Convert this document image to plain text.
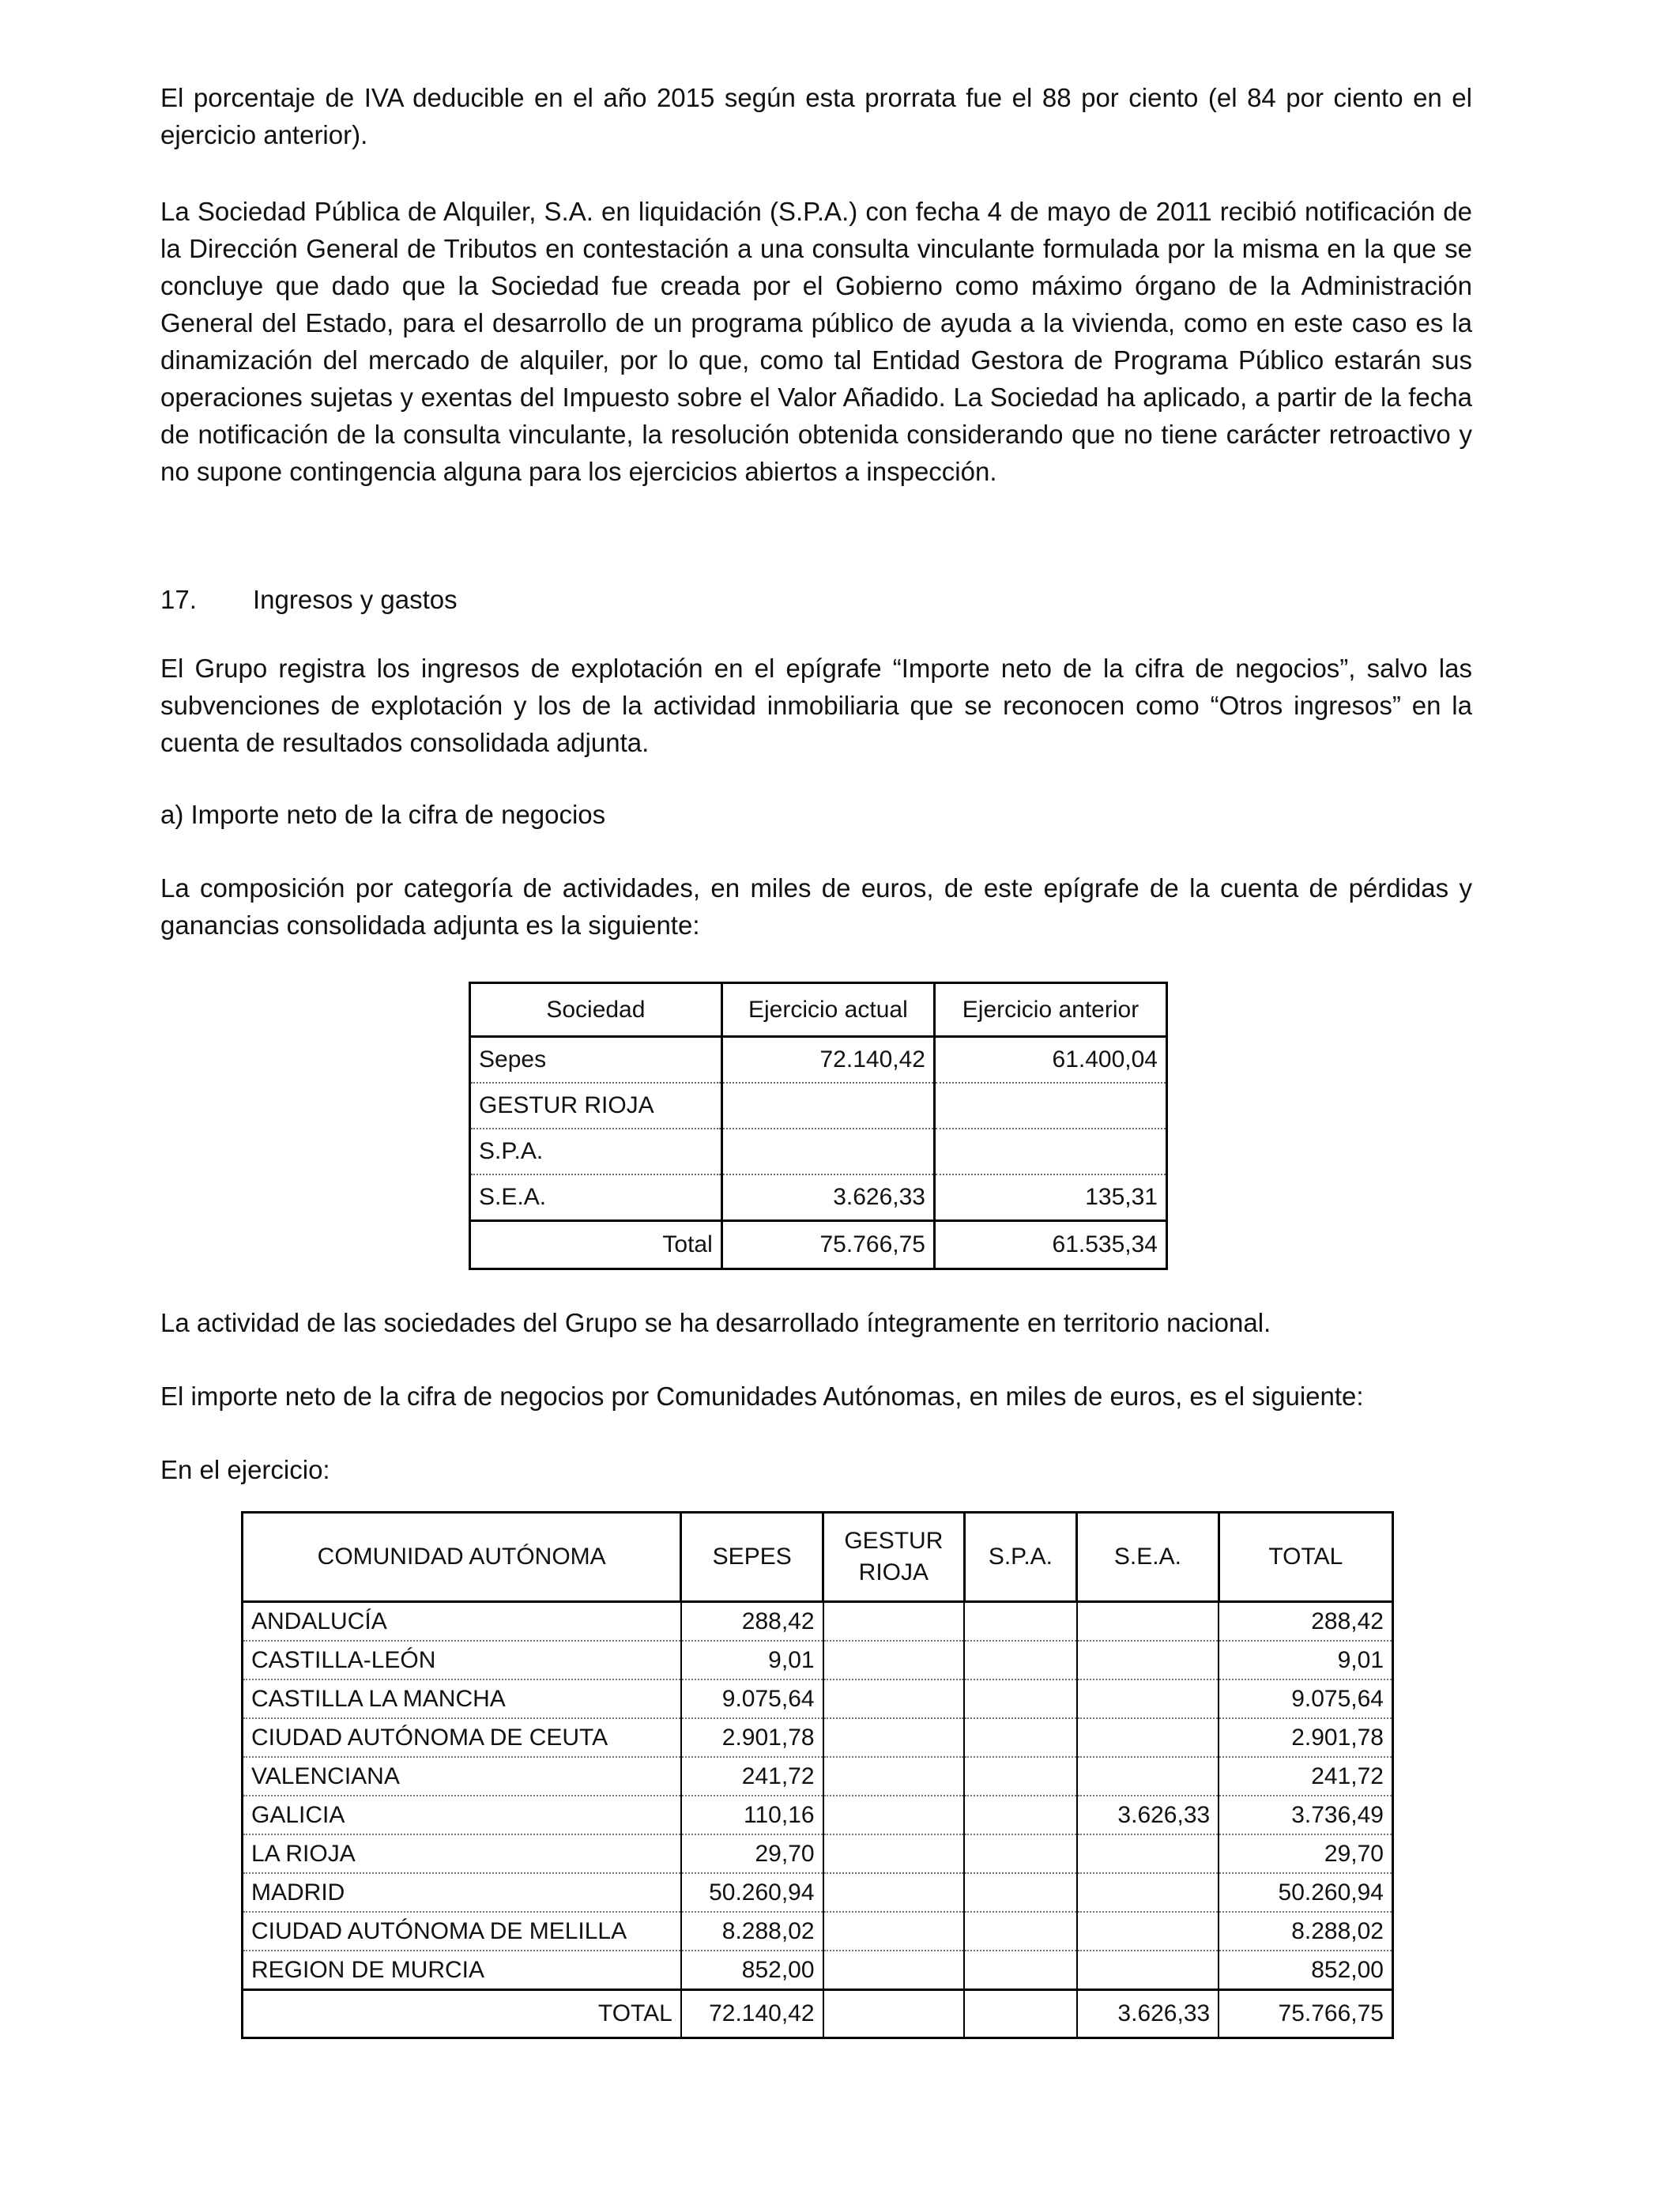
El porcentaje de IVA deducible en el año 2015 según esta prorrata fue el 88 por ciento (el 84 por ciento en el ejercicio anterior).

La Sociedad Pública de Alquiler, S.A. en liquidación (S.P.A.) con fecha 4 de mayo de 2011 recibió notificación de la Dirección General de Tributos en contestación a una consulta vinculante formulada por la misma en la que se concluye que dado que la Sociedad fue creada por el Gobierno como máximo órgano de la Administración General del Estado, para el desarrollo de un programa público de ayuda a la vivienda, como en este caso es la dinamización del mercado de alquiler, por lo que, como tal Entidad Gestora de Programa Público estarán sus operaciones sujetas y exentas del Impuesto sobre el Valor Añadido. La Sociedad ha aplicado, a partir de la fecha de notificación de la consulta vinculante, la resolución obtenida considerando que no tiene carácter retroactivo y no supone contingencia alguna para los ejercicios abiertos a inspección.

17. Ingresos y gastos

El Grupo registra los ingresos de explotación en el epígrafe “Importe neto de la cifra de negocios”, salvo las subvenciones de explotación y los de la actividad inmobiliaria que se reconocen como “Otros ingresos” en la cuenta de resultados consolidada adjunta.

a) Importe neto de la cifra de negocios

La composición por categoría de actividades, en miles de euros, de este epígrafe de la cuenta de pérdidas y ganancias consolidada adjunta es la siguiente:

Sociedad	Ejercicio actual	Ejercicio anterior
Sepes	72.140,42	61.400,04
GESTUR RIOJA		
S.P.A.		
S.E.A.	3.626,33	135,31
Total	75.766,75	61.535,34

La actividad de las sociedades del Grupo se ha desarrollado íntegramente en territorio nacional.

El importe neto de la cifra de negocios por Comunidades Autónomas, en miles de euros, es el siguiente:

En el ejercicio:

COMUNIDAD AUTÓNOMA	SEPES	GESTUR RIOJA	S.P.A.	S.E.A.	TOTAL
ANDALUCÍA	288,42				288,42
CASTILLA-LEÓN	9,01				9,01
CASTILLA LA MANCHA	9.075,64				9.075,64
CIUDAD AUTÓNOMA DE CEUTA	2.901,78				2.901,78
VALENCIANA	241,72				241,72
GALICIA	110,16			3.626,33	3.736,49
LA RIOJA	29,70				29,70
MADRID	50.260,94				50.260,94
CIUDAD AUTÓNOMA DE MELILLA	8.288,02				8.288,02
REGION DE MURCIA	852,00				852,00
TOTAL	72.140,42			3.626,33	75.766,75
